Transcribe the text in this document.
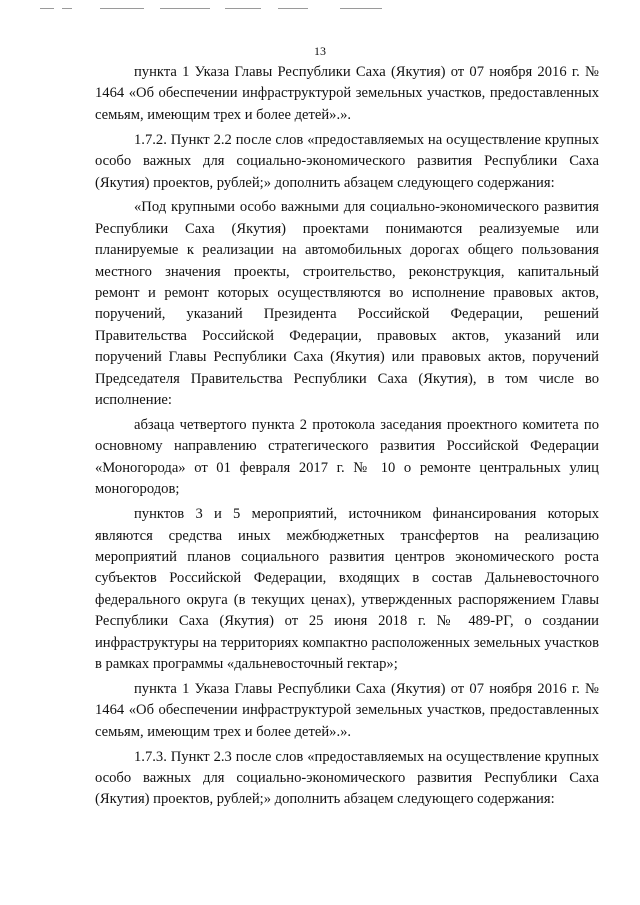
13

пункта 1 Указа Главы Республики Саха (Якутия) от 07 ноября 2016 г. № 1464 «Об обеспечении инфраструктурой земельных участков, предоставленных семьям, имеющим трех и более детей».».

1.7.2. Пункт 2.2 после слов «предоставляемых на осуществление крупных особо важных для социально-экономического развития Республики Саха (Якутия) проектов, рублей;» дополнить абзацем следующего содержания:

«Под крупными особо важными для социально-экономического развития Республики Саха (Якутия) проектами понимаются реализуемые или планируемые к реализации на автомобильных дорогах общего пользования местного значения проекты, строительство, реконструкция, капитальный ремонт и ремонт которых осуществляются во исполнение правовых актов, поручений, указаний Президента Российской Федерации, решений Правительства Российской Федерации, правовых актов, указаний или поручений Главы Республики Саха (Якутия) или правовых актов, поручений Председателя Правительства Республики Саха (Якутия), в том числе во исполнение:

абзаца четвертого пункта 2 протокола заседания проектного комитета по основному направлению стратегического развития Российской Федерации «Моногорода» от 01 февраля 2017 г. № 10 о ремонте центральных улиц моногородов;

пунктов 3 и 5 мероприятий, источником финансирования которых являются средства иных межбюджетных трансфертов на реализацию мероприятий планов социального развития центров экономического роста субъектов Российской Федерации, входящих в состав Дальневосточного федерального округа (в текущих ценах), утвержденных распоряжением Главы Республики Саха (Якутия) от 25 июня 2018 г. № 489-РГ, о создании инфраструктуры на территориях компактно расположенных земельных участков в рамках программы «дальневосточный гектар»;

пункта 1 Указа Главы Республики Саха (Якутия) от 07 ноября 2016 г. № 1464 «Об обеспечении инфраструктурой земельных участков, предоставленных семьям, имеющим трех и более детей».».

1.7.3. Пункт 2.3 после слов «предоставляемых на осуществление крупных особо важных для социально-экономического развития Республики Саха (Якутия) проектов, рублей;» дополнить абзацем следующего содержания:
